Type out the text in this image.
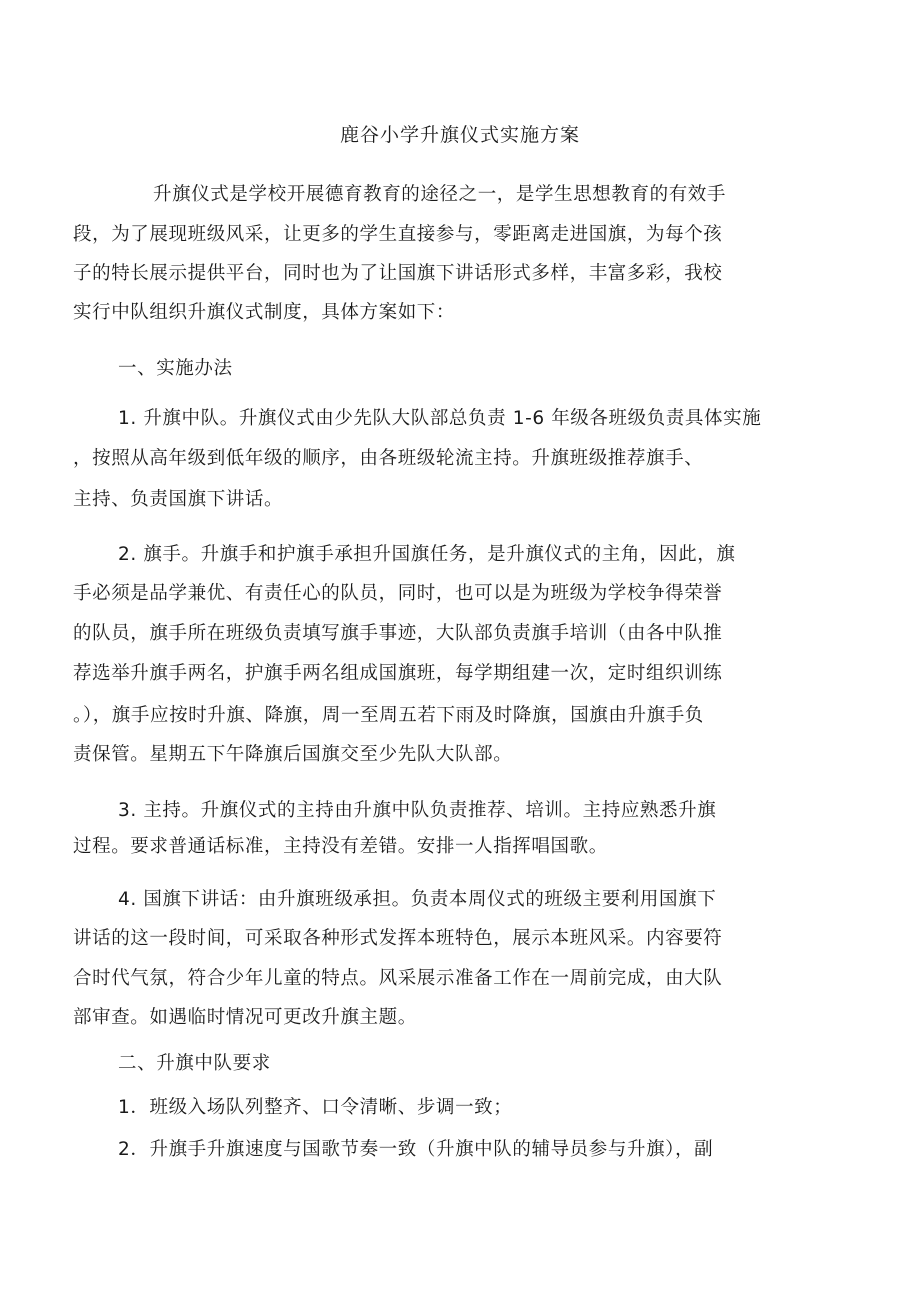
鹿谷小学升旗仪式实施方案
升旗仪式是学校开展德育教育的途径之一，是学生思想教育的有效手
段，为了展现班级风采，让更多的学生直接参与，零距离走进国旗，为每个孩
子的特长展示提供平台，同时也为了让国旗下讲话形式多样，丰富多彩，我校
实行中队组织升旗仪式制度，具体方案如下：
一、实施办法
1. 升旗中队。升旗仪式由少先队大队部总负责 1-6 年级各班级负责具体实施
，按照从高年级到低年级的顺序，由各班级轮流主持。升旗班级推荐旗手、
主持、负责国旗下讲话。
2. 旗手。升旗手和护旗手承担升国旗任务，是升旗仪式的主角，因此，旗
手必须是品学兼优、有责任心的队员，同时，也可以是为班级为学校争得荣誉
的队员，旗手所在班级负责填写旗手事迹，大队部负责旗手培训（由各中队推
荐选举升旗手两名，护旗手两名组成国旗班，每学期组建一次，定时组织训练
。），旗手应按时升旗、降旗，周一至周五若下雨及时降旗，国旗由升旗手负
责保管。星期五下午降旗后国旗交至少先队大队部。
3. 主持。升旗仪式的主持由升旗中队负责推荐、培训。主持应熟悉升旗
过程。要求普通话标准，主持没有差错。安排一人指挥唱国歌。
4. 国旗下讲话：由升旗班级承担。负责本周仪式的班级主要利用国旗下
讲话的这一段时间，可采取各种形式发挥本班特色，展示本班风采。内容要符
合时代气氛，符合少年儿童的特点。风采展示准备工作在一周前完成，由大队
部审查。如遇临时情况可更改升旗主题。
二、升旗中队要求
1．班级入场队列整齐、口令清晰、步调一致；
2．升旗手升旗速度与国歌节奏一致（升旗中队的辅导员参与升旗），副
